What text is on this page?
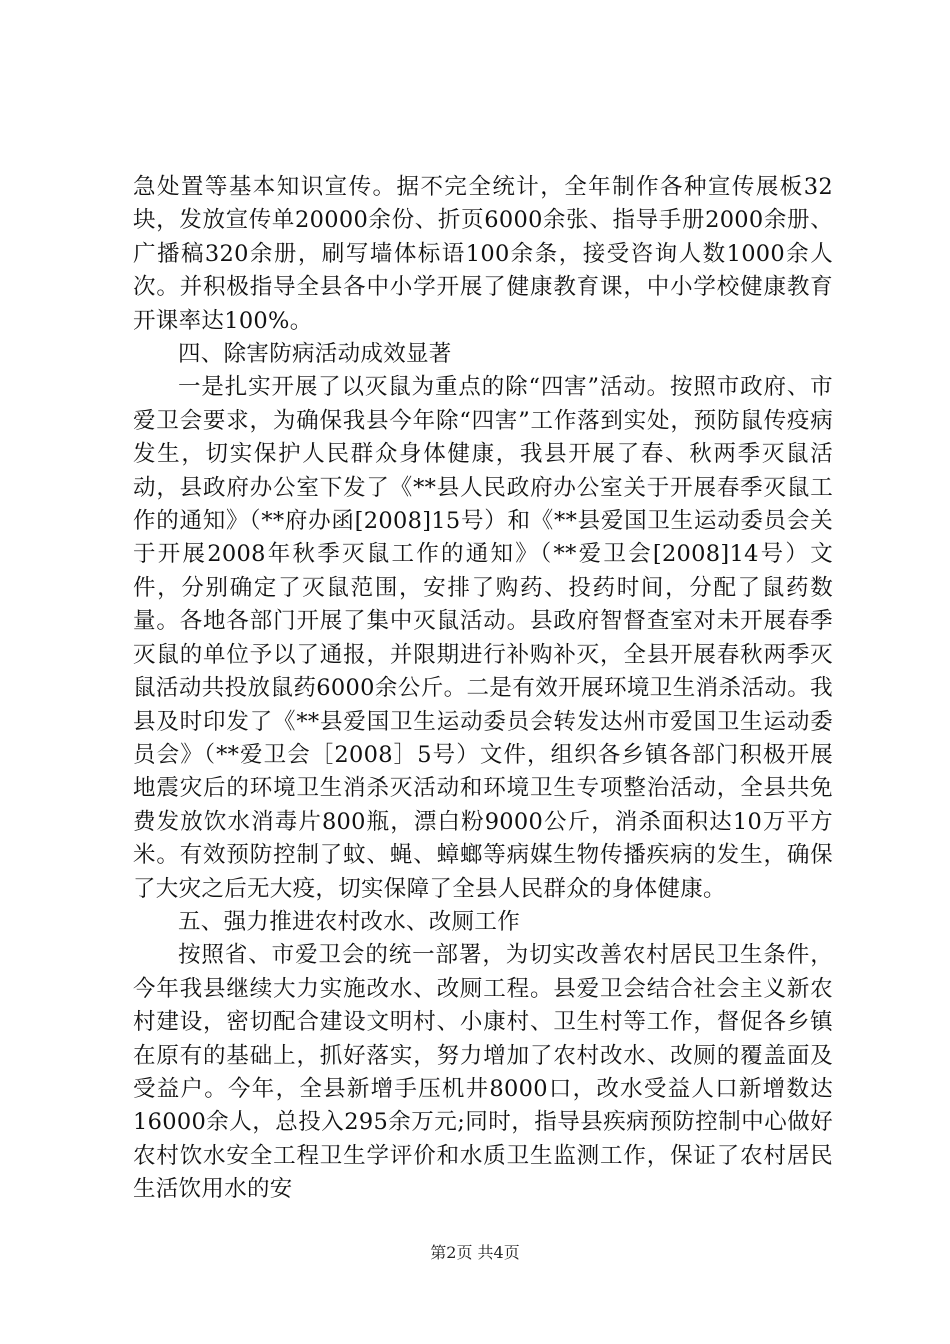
急处置等基本知识宣传。据不完全统计，全年制作各种宣传展板32块，发放宣传单20000余份、折页6000余张、指导手册2000余册、广播稿320余册，刷写墙体标语100余条，接受咨询人数1000余人次。并积极指导全县各中小学开展了健康教育课，中小学校健康教育开课率达100%。

四、除害防病活动成效显著

一是扎实开展了以灭鼠为重点的除“四害”活动。按照市政府、市爱卫会要求，为确保我县今年除“四害”工作落到实处，预防鼠传疫病发生，切实保护人民群众身体健康，我县开展了春、秋两季灭鼠活动，县政府办公室下发了《**县人民政府办公室关于开展春季灭鼠工作的通知》（**府办函[2008]15号）和《**县爱国卫生运动委员会关于开展2008年秋季灭鼠工作的通知》（**爱卫会[2008]14号）文件，分别确定了灭鼠范围，安排了购药、投药时间，分配了鼠药数量。各地各部门开展了集中灭鼠活动。县政府智督查室对未开展春季灭鼠的单位予以了通报，并限期进行补购补灭，全县开展春秋两季灭鼠活动共投放鼠药6000余公斤。二是有效开展环境卫生消杀活动。我县及时印发了《**县爱国卫生运动委员会转发达州市爱国卫生运动委员会》（**爱卫会［2008］5号）文件，组织各乡镇各部门积极开展地震灾后的环境卫生消杀灭活动和环境卫生专项整治活动，全县共免费发放饮水消毒片800瓶，漂白粉9000公斤，消杀面积达10万平方米。有效预防控制了蚊、蝇、蟑螂等病媒生物传播疾病的发生，确保了大灾之后无大疫，切实保障了全县人民群众的身体健康。

五、强力推进农村改水、改厕工作

按照省、市爱卫会的统一部署，为切实改善农村居民卫生条件，今年我县继续大力实施改水、改厕工程。县爱卫会结合社会主义新农村建设，密切配合建设文明村、小康村、卫生村等工作，督促各乡镇在原有的基础上，抓好落实，努力增加了农村改水、改厕的覆盖面及受益户。今年，全县新增手压机井8000口，改水受益人口新增数达16000余人，总投入295余万元;同时，指导县疾病预防控制中心做好农村饮水安全工程卫生学评价和水质卫生监测工作，保证了农村居民生活饮用水的安

第2页 共4页
